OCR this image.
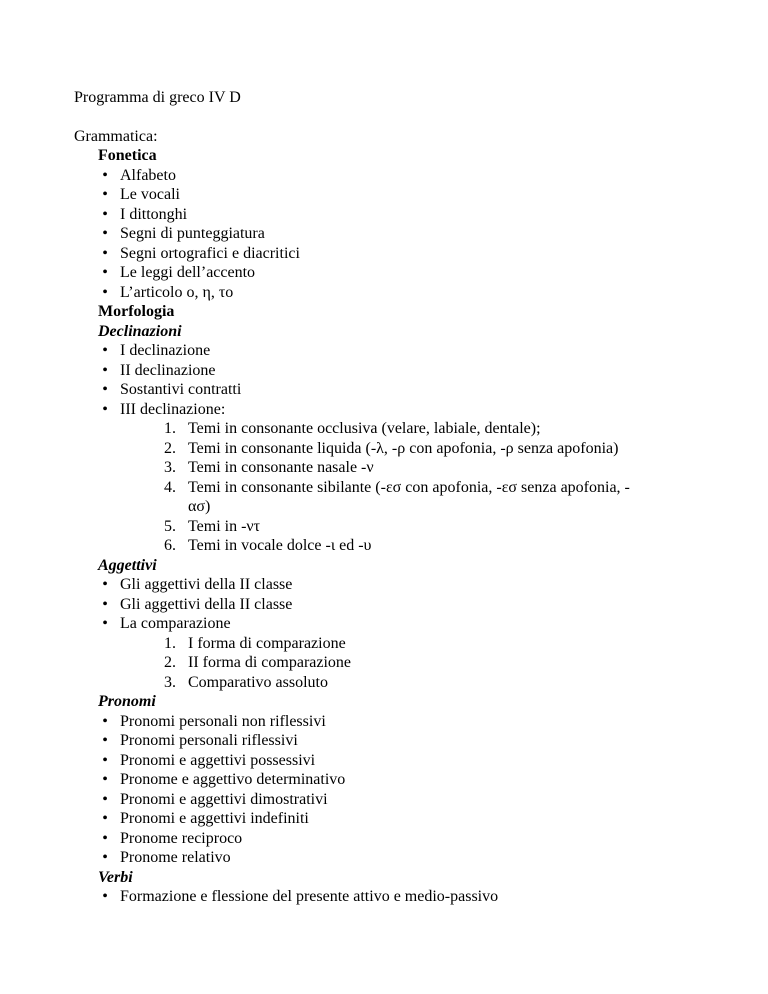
Programma di greco IV D
Grammatica:
Fonetica
• Alfabeto
• Le vocali
• I dittonghi
• Segni di punteggiatura
• Segni ortografici e diacritici
• Le leggi dell’accento
• L’articolo ο, η, το
Morfologia
Declinazioni
• I declinazione
• II declinazione
• Sostantivi contratti
• III declinazione:
1. Temi in consonante occlusiva (velare, labiale, dentale);
2. Temi in consonante liquida (-λ, -ρ con apofonia, -ρ senza apofonia)
3. Temi in consonante nasale -ν
4. Temi in consonante sibilante (-εσ con apofonia, -εσ senza apofonia, -
ασ)
5. Temi in -ντ
6. Temi in vocale dolce -ι ed -υ
Aggettivi
• Gli aggettivi della II classe
• Gli aggettivi della II classe
• La comparazione
1. I forma di comparazione
2. II forma di comparazione
3. Comparativo assoluto
Pronomi
• Pronomi personali non riflessivi
• Pronomi personali riflessivi
• Pronomi e aggettivi possessivi
• Pronome e aggettivo determinativo
• Pronomi e aggettivi dimostrativi
• Pronomi e aggettivi indefiniti
• Pronome reciproco
• Pronome relativo
Verbi
• Formazione e flessione del presente attivo e medio-passivo
